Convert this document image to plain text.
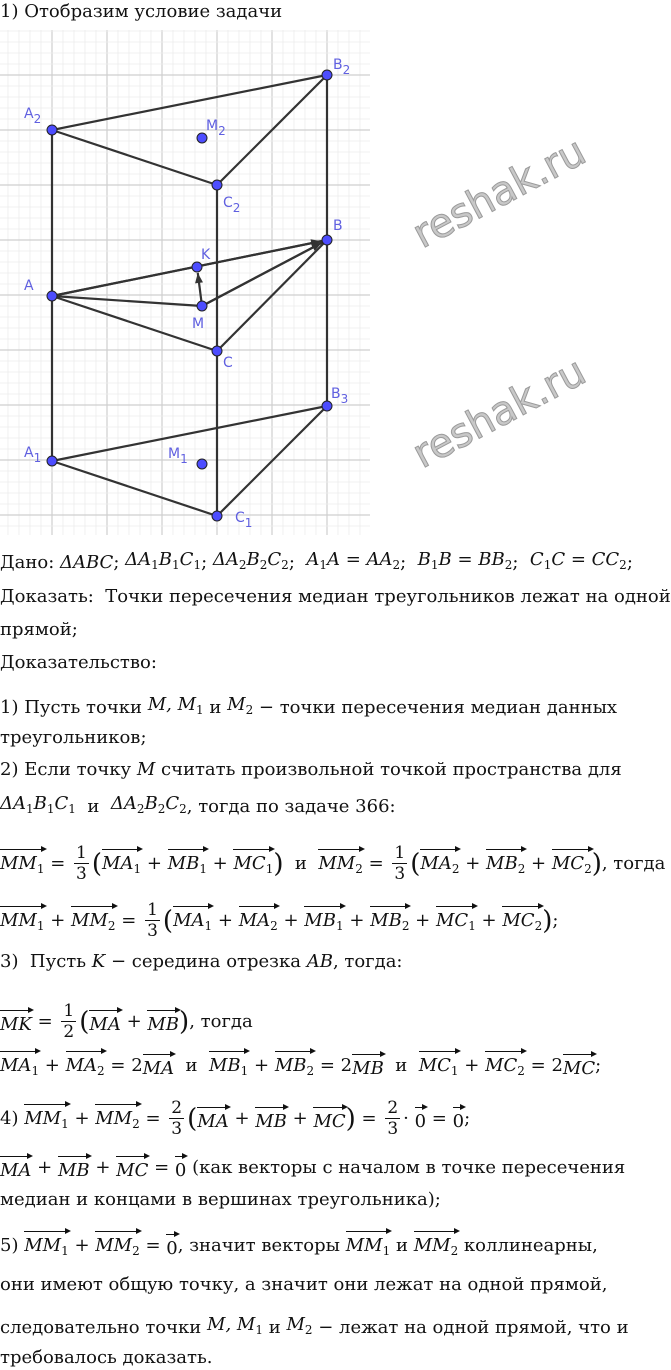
1) Отобразим условие задачи
A2
B2
C2
M2
B
K
A
M
C
B3
A1	M1
C1
Дано: ΔABC ; $\Delta A_1$ $B_1$ $C_1$ ; $\Delta A_2$ $B_2$ $C_2$ ; $A_1$ $A = AA_2$ ; $B_1$ $B = BB_2$ ; $C_1$ $C = CC_2$ ;
Доказать:  Точки пересечения медиан треугольников лежат на одной
прямой;
Доказательство:
1) Пусть точки M, $M_1$ и $M_2$ − точки пересечения медиан данных
треугольников;
2) Если точку M считать произвольной точкой пространства для
$\Delta A_1$ $B_1$ $C_1$ и $\Delta A_2$ $B_2$ $C_2$ , тогда по задаче 366:
$MM_1 = \frac{1}{3}$ ( $MA_1 + MB_1 + MC_1$ ) и $MM_2 = \frac{1}{3}$ ( $MA_2 + MB_2 + MC_2$ ) , тогда
$MM_1 + MM_2 = \frac{1}{3}$ ( $MA_1 + MA_2 + MB_1 + MB_2 + MC_1 + MC_2$ ) ;
3)  Пусть K − середина отрезка AB , тогда:
MK = $\frac{1}{2}$ ( MA + MB ) , тогда
$MA_1 + MA_2 = 2$ MA и $MB_1 + MB_2 = 2$ MB и $MC_1 + MC_2 = 2$ MC ;
4) $MM_1 + MM_2 = \frac{2}{3}$ ( MA + MB + MC ) = $\frac{2}{3} \cdot 0 = 0$ ;
MA + MB + MC = 0 (как векторы с началом в точке пересечения
медиан и концами в вершинах треугольника);
5) $MM_1 + MM_2 = 0$ , значит векторы $MM_1$ и $MM_2$ коллинеарны,
они имеют общую точку, а значит они лежат на одной прямой,
следовательно точки M, $M_1$ и $M_2$ − лежат на одной прямой, что и
требовалось доказать.
reshak.ru
reshak.ru
